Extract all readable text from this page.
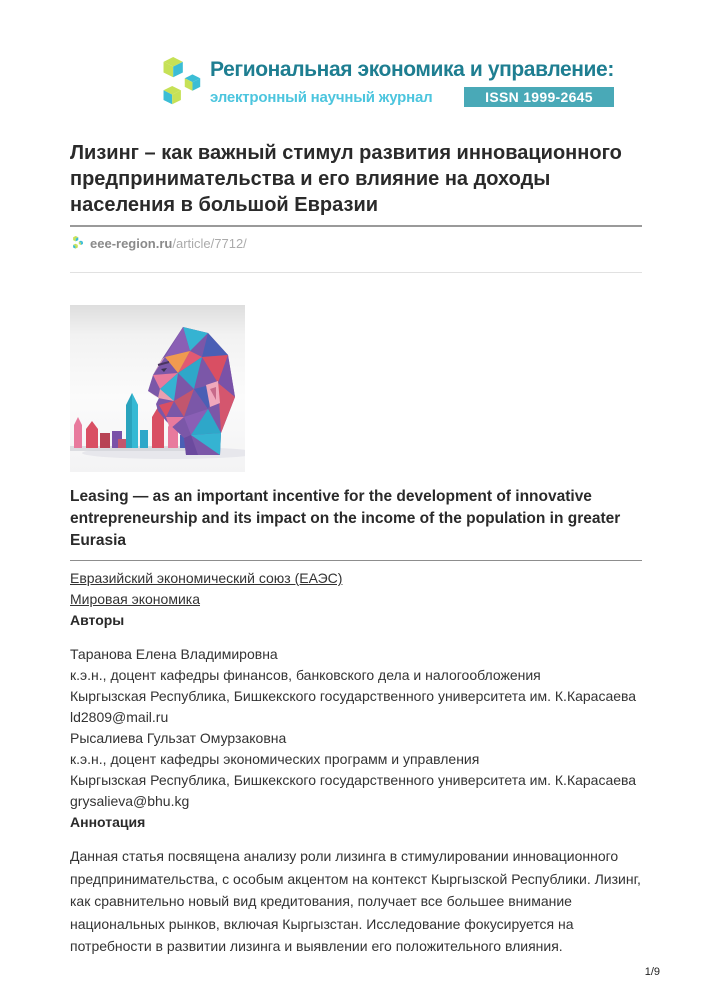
Региональная экономика и управление:
электронный научный журнал	ISSN 1999-2645
Лизинг – как важный стимул развития инновационного предпринимательства и его влияние на доходы населения в большой Евразии
eee-region.ru/article/7712/
Leasing — as an important incentive for the development of innovative entrepreneurship and its impact on the income of the population in greater Eurasia
Евразийский экономический союз (ЕАЭС)
Мировая экономика
Авторы
Таранова Елена Владимировна
к.э.н., доцент кафедры финансов, банковского дела и налогообложения
Кыргызская Республика, Бишкекского государственного университета им. К.Карасаева
ld2809@mail.ru
Рысалиева Гульзат Омурзаковна
к.э.н., доцент кафедры экономических программ и управления
Кыргызская Республика, Бишкекского государственного университета им. К.Карасаева
grysalieva@bhu.kg
Аннотация

Данная статья посвящена анализу роли лизинга в стимулировании инновационного предпринимательства, с особым акцентом на контекст Кыргызской Республики. Лизинг, как сравнительно новый вид кредитования, получает все большее внимание национальных рынков, включая Кыргызстан. Исследование фокусируется на потребности в развитии лизинга и выявлении его положительного влияния.

1/9
